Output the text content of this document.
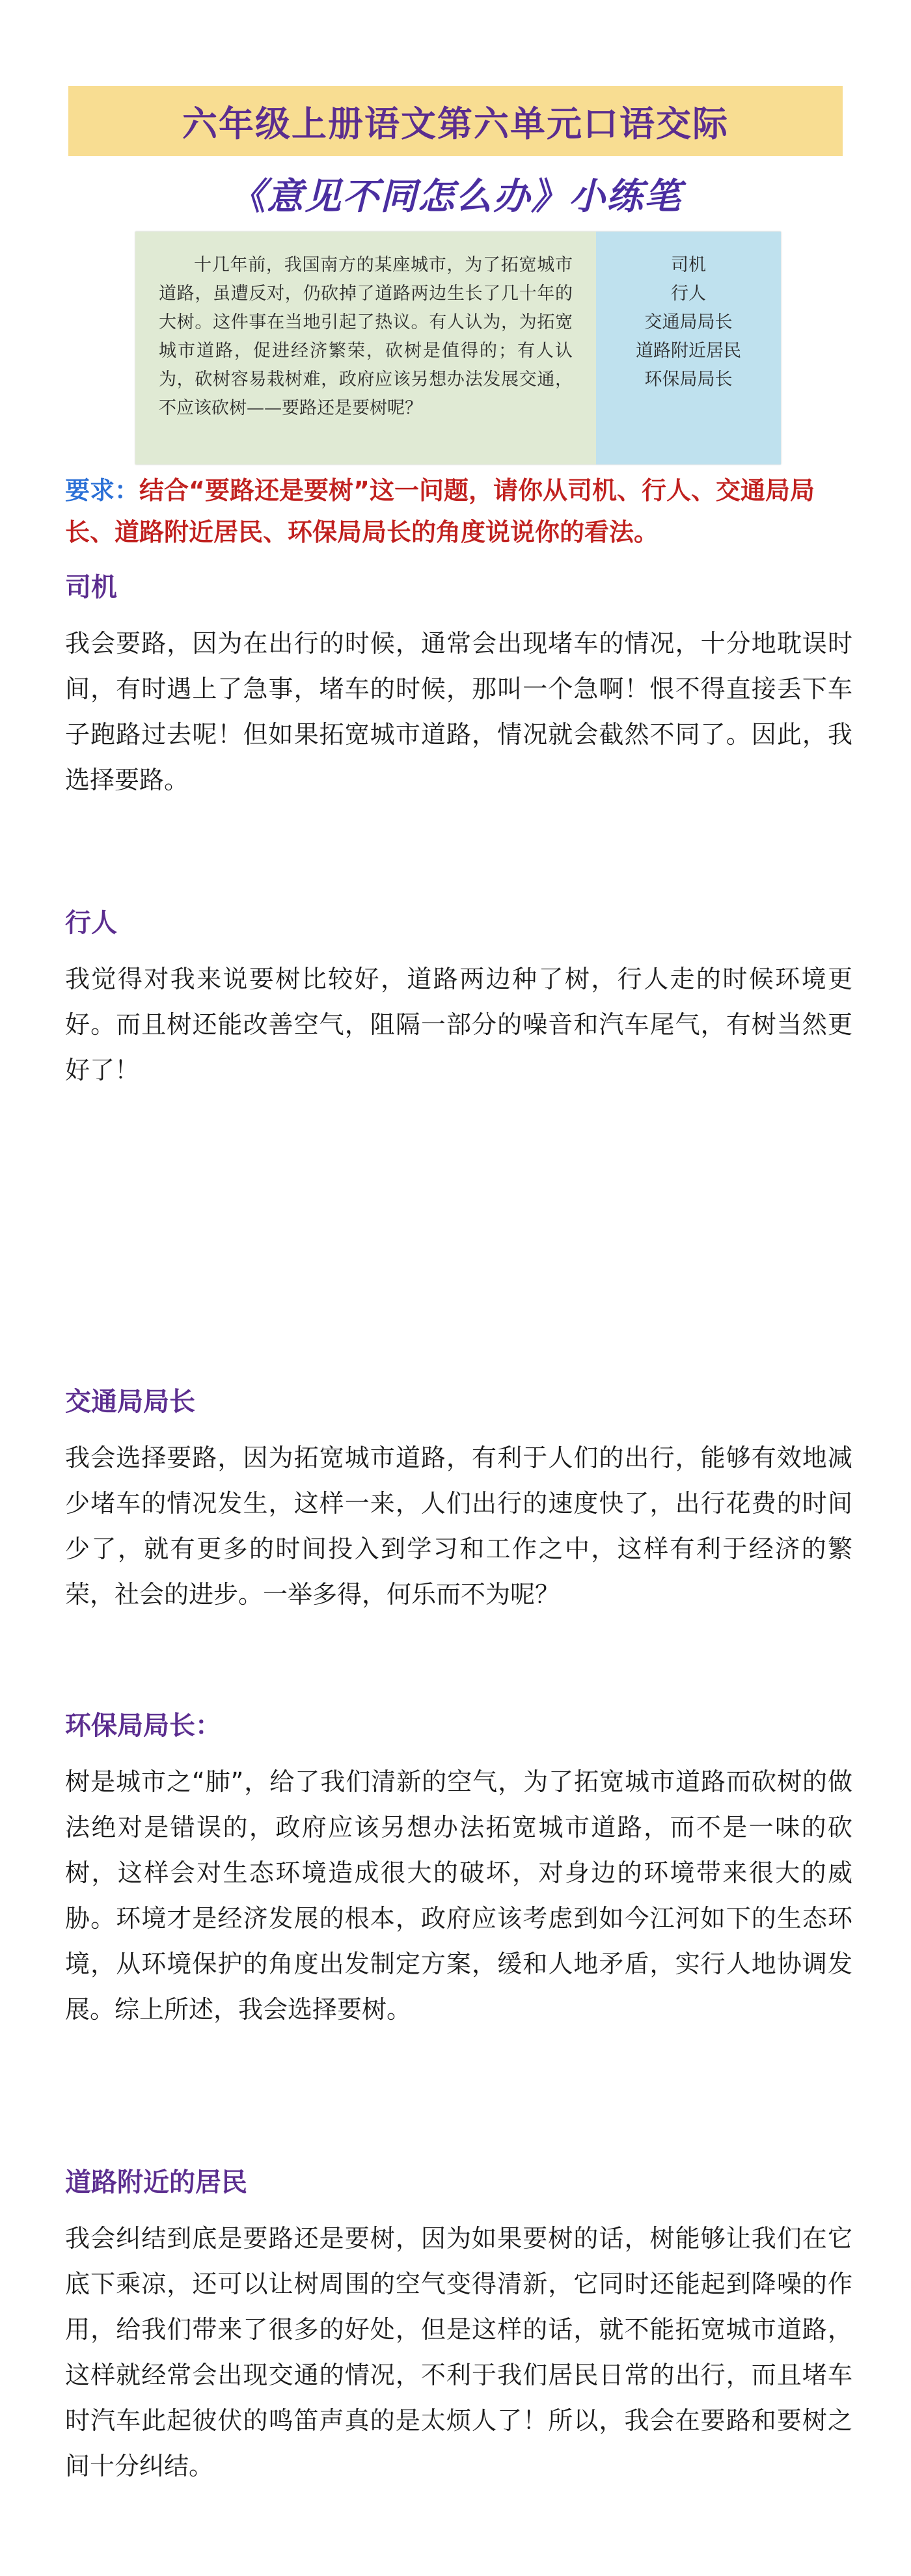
六年级上册语文第六单元口语交际
《意见不同怎么办》小练笔
十几年前，我国南方的某座城市，为了拓宽城市道路，虽遭反对，仍砍掉了道路两边生长了几十年的大树。这件事在当地引起了热议。有人认为，为拓宽城市道路，促进经济繁荣，砍树是值得的；有人认为，砍树容易栽树难，政府应该另想办法发展交通，不应该砍树——要路还是要树呢？
司机
行人
交通局局长
道路附近居民
环保局局长
要求：结合“要路还是要树”这一问题，请你从司机、行人、交通局局长、道路附近居民、环保局局长的角度说说你的看法。
司机
我会要路，因为在出行的时候，通常会出现堵车的情况，十分地耽误时间，有时遇上了急事，堵车的时候，那叫一个急啊！恨不得直接丢下车子跑路过去呢！但如果拓宽城市道路，情况就会截然不同了。因此，我选择要路。
行人
我觉得对我来说要树比较好，道路两边种了树，行人走的时候环境更好。而且树还能改善空气，阻隔一部分的噪音和汽车尾气，有树当然更好了！
交通局局长
我会选择要路，因为拓宽城市道路，有利于人们的出行，能够有效地减少堵车的情况发生，这样一来，人们出行的速度快了，出行花费的时间少了，就有更多的时间投入到学习和工作之中，这样有利于经济的繁荣，社会的进步。一举多得，何乐而不为呢？
环保局局长：
树是城市之“肺”，给了我们清新的空气，为了拓宽城市道路而砍树的做法绝对是错误的，政府应该另想办法拓宽城市道路，而不是一味的砍树，这样会对生态环境造成很大的破坏，对身边的环境带来很大的威胁。环境才是经济发展的根本，政府应该考虑到如今江河如下的生态环境，从环境保护的角度出发制定方案，缓和人地矛盾，实行人地协调发展。综上所述，我会选择要树。
道路附近的居民
我会纠结到底是要路还是要树，因为如果要树的话，树能够让我们在它底下乘凉，还可以让树周围的空气变得清新，它同时还能起到降噪的作用，给我们带来了很多的好处，但是这样的话，就不能拓宽城市道路，这样就经常会出现交通的情况，不利于我们居民日常的出行，而且堵车时汽车此起彼伏的鸣笛声真的是太烦人了！所以，我会在要路和要树之间十分纠结。
